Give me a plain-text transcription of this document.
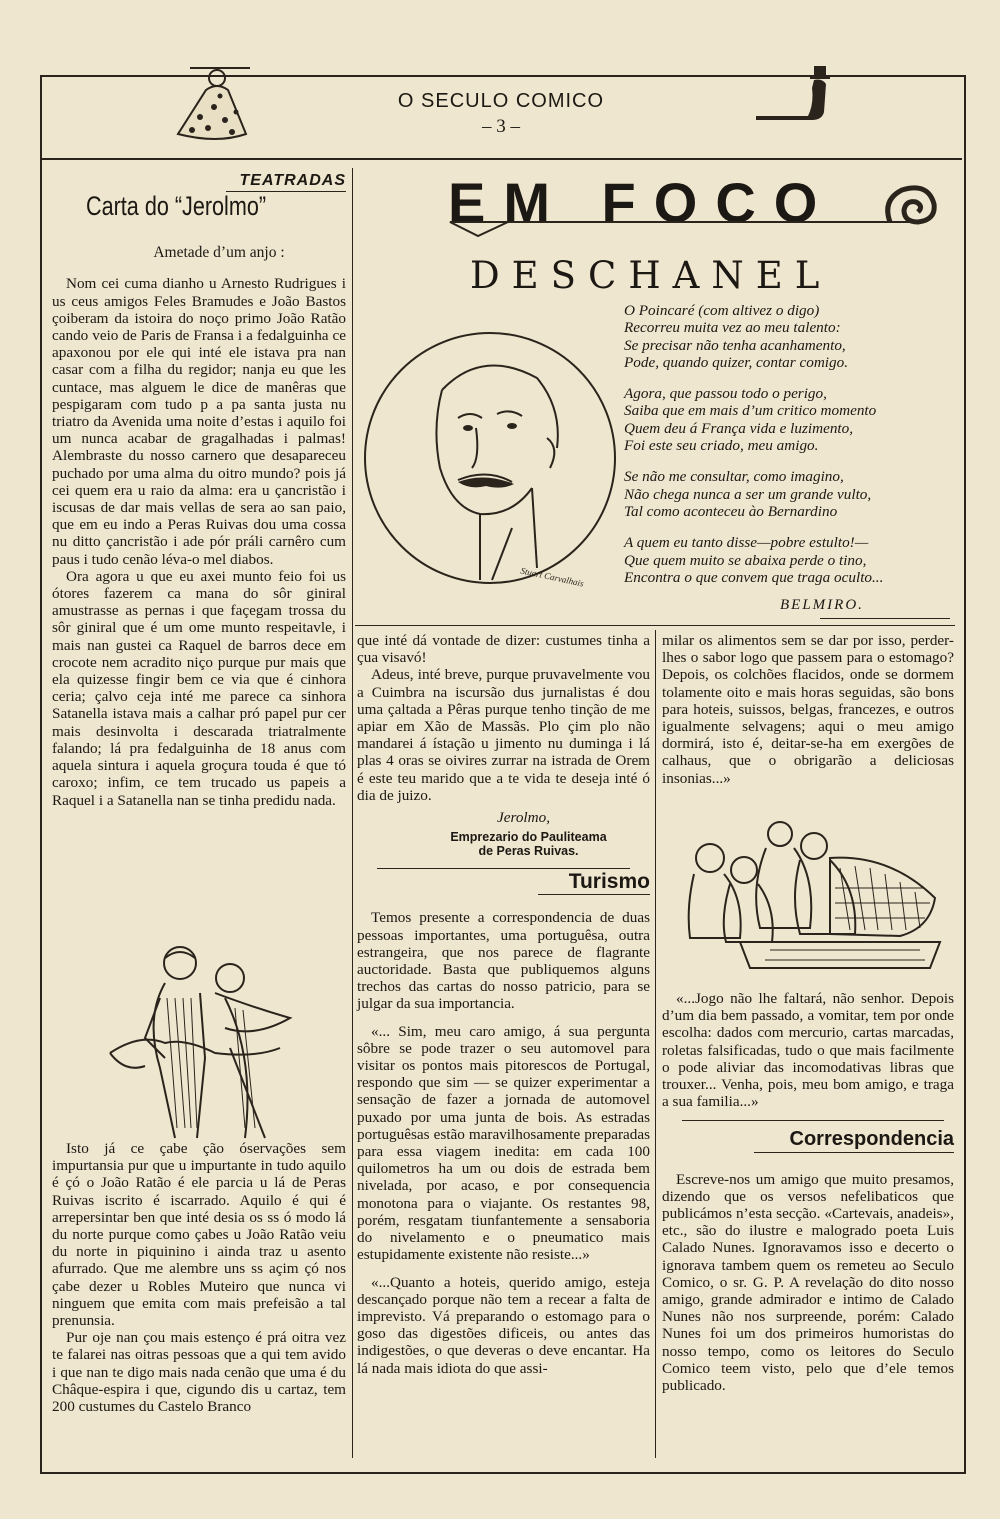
O SECULO COMICO
– 3 –
TEATRADAS
Carta do “Jerolmo”
Ametade d’um anjo :

Nom cei cuma dianho u Arnesto Rudrigues i us ceus amigos Feles Bramudes e João Bastos çoiberam da istoira do noço primo João Ratão cando veio de Paris de Fransa i a fedalguinha ce apaxonou por ele qui inté ele istava pra nan casar com a filha du regidor; nanja eu que les cuntace, mas alguem le dice de manêras que pespigaram com tudo p a pa santa justa nu triatro da Avenida uma noite d’estas i aquilo foi um nunca acabar de gragalhadas i palmas! Alembraste du nosso carnero que desapareceu puchado por uma alma du oitro mundo? pois já cei quem era u raio da alma: era u çancristão i iscusas de dar mais vellas de sera ao san paio, que em eu indo a Peras Ruivas dou uma cossa nu ditto çancristão i ade pór práli carnêro cum paus i tudo cenão léva-o mel diabos.

Ora agora u que eu axei munto feio foi us ótores fazerem ca mana do sôr giniral amustrasse as pernas i que façegam trossa du sôr giniral que é um ome munto respeitavle, i mais nan gustei ca Raquel de barros dece em crocote nem acradito niço purque pur mais que ela quizesse fingir bem ce via que é cinhora ceria; çalvo ceja inté me parece ca sinhora Satanella istava mais a calhar pró papel pur cer mais desinvolta i descarada triatralmente falando; lá pra fedalguinha de 18 anus com aquela sintura i aquela groçura touda é que tó caroxo; infim, ce tem trucado us papeis a Raquel i a Satanella nan se tinha predidu nada.

Isto já ce çabe ção óservações sem impurtansia pur que u impurtante in tudo aquilo é çó o João Ratão é ele parcia u lá de Peras Ruivas iscrito é iscarrado. Aquilo é qui é arrepersintar ben que inté desia os ss ó modo lá du norte purque como çabes u João Ratão veiu du norte in piquinino i ainda traz u asento afurrado. Que me alembre uns ss açim çó nos çabe dezer u Robles Muteiro que nunca vi ninguem que emita com mais prefeisão a tal prenunsia.

Pur oje nan çou mais estenço é prá oitra vez te falarei nas oitras pessoas que a qui tem avido i que nan te digo mais nada cenão que uma é du Châque-espira i que, cigundo dis u cartaz, tem 200 custumes du Castelo Branco

EM FOCO
DESCHANEL
Stuart Carvalhais
O Poincaré (com altivez o digo)
Recorreu muita vez ao meu talento:
Se precisar não tenha acanhamento,
Pode, quando quizer, contar comigo.
Agora, que passou todo o perigo,
Saiba que em mais d’um critico momento
Quem deu á França vida e luzimento,
Foi este seu criado, meu amigo.
Se não me consultar, como imagino,
Não chega nunca a ser um grande vulto,
Tal como aconteceu ào Bernardino
A quem eu tanto disse—pobre estulto!—
Que quem muito se abaixa perde o tino,
Encontra o que convem que traga oculto...
BELMIRO.
que inté dá vontade de dizer: custumes tinha a çua visavó!

Adeus, inté breve, purque pruvavelmente vou a Cuimbra na iscursão dus jurnalistas é dou uma çaltada a Pêras purque tenho tinção de me apiar em Xão de Massãs. Plo çim plo não mandarei á ístação u jimento nu duminga i lá plas 4 oras se oivires zurrar na istrada de Orem é este teu marido que a te vida te deseja inté ó dia de juizo.

Jerolmo,
Emprezario do Pauliteama
de Peras Ruivas.
Turismo

Temos presente a correspondencia de duas pessoas importantes, uma portuguêsa, outra estrangeira, que nos parece de flagrante auctoridade. Basta que publiquemos alguns trechos das cartas do nosso patricio, para se julgar da sua importancia.

«... Sim, meu caro amigo, á sua pergunta sôbre se pode trazer o seu automovel para visitar os pontos mais pitorescos de Portugal, respondo que sim — se quizer experimentar a sensação de fazer a jornada de automovel puxado por uma junta de bois. As estradas portuguêsas estão maravilhosamente preparadas para essa viagem inedita: em cada 100 quilometros ha um ou dois de estrada bem nivelada, por acaso, e por consequencia monotona para o viajante. Os restantes 98, porém, resgatam tiunfantemente a sensaboria do nivelamento e o pneumatico mais estupidamente existente não resiste...»

«...Quanto a hoteis, querido amigo, esteja descançado porque não tem a recear a falta de imprevisto. Vá preparando o estomago para o goso das digestões dificeis, ou antes das indigestões, o que deveras o deve encantar. Ha lá nada mais idiota do que assi-

milar os alimentos sem se dar por isso, perder-lhes o sabor logo que passem para o estomago? Depois, os colchões flacidos, onde se dormem tolamente oito e mais horas seguidas, são bons para hoteis, suissos, belgas, francezes, e outros igualmente selvagens; aqui o meu amigo dormirá, isto é, deitar-se-ha em exergões de calhaus, que o obrigarão a deliciosas insonias...»

«...Jogo não lhe faltará, não senhor. Depois d’um dia bem passado, a vomitar, tem por onde escolha: dados com mercurio, cartas marcadas, roletas falsificadas, tudo o que mais facilmente o pode aliviar das incomodativas libras que trouxer... Venha, pois, meu bom amigo, e traga a sua familia...»

Correspondencia

Escreve-nos um amigo que muito presamos, dizendo que os versos nefelibaticos que publicámos n’esta secção. «Cartevais, anadeis», etc., são do ilustre e malogrado poeta Luis Calado Nunes. Ignoravamos isso e decerto o ignorava tambem quem os remeteu ao Seculo Comico, o sr. G. P. A revelação do dito nosso amigo, grande admirador e intimo de Calado Nunes não nos surpreende, porém: Calado Nunes foi um dos primeiros humoristas do nosso tempo, como os leitores do Seculo Comico teem visto, pelo que d’ele temos publicado.
